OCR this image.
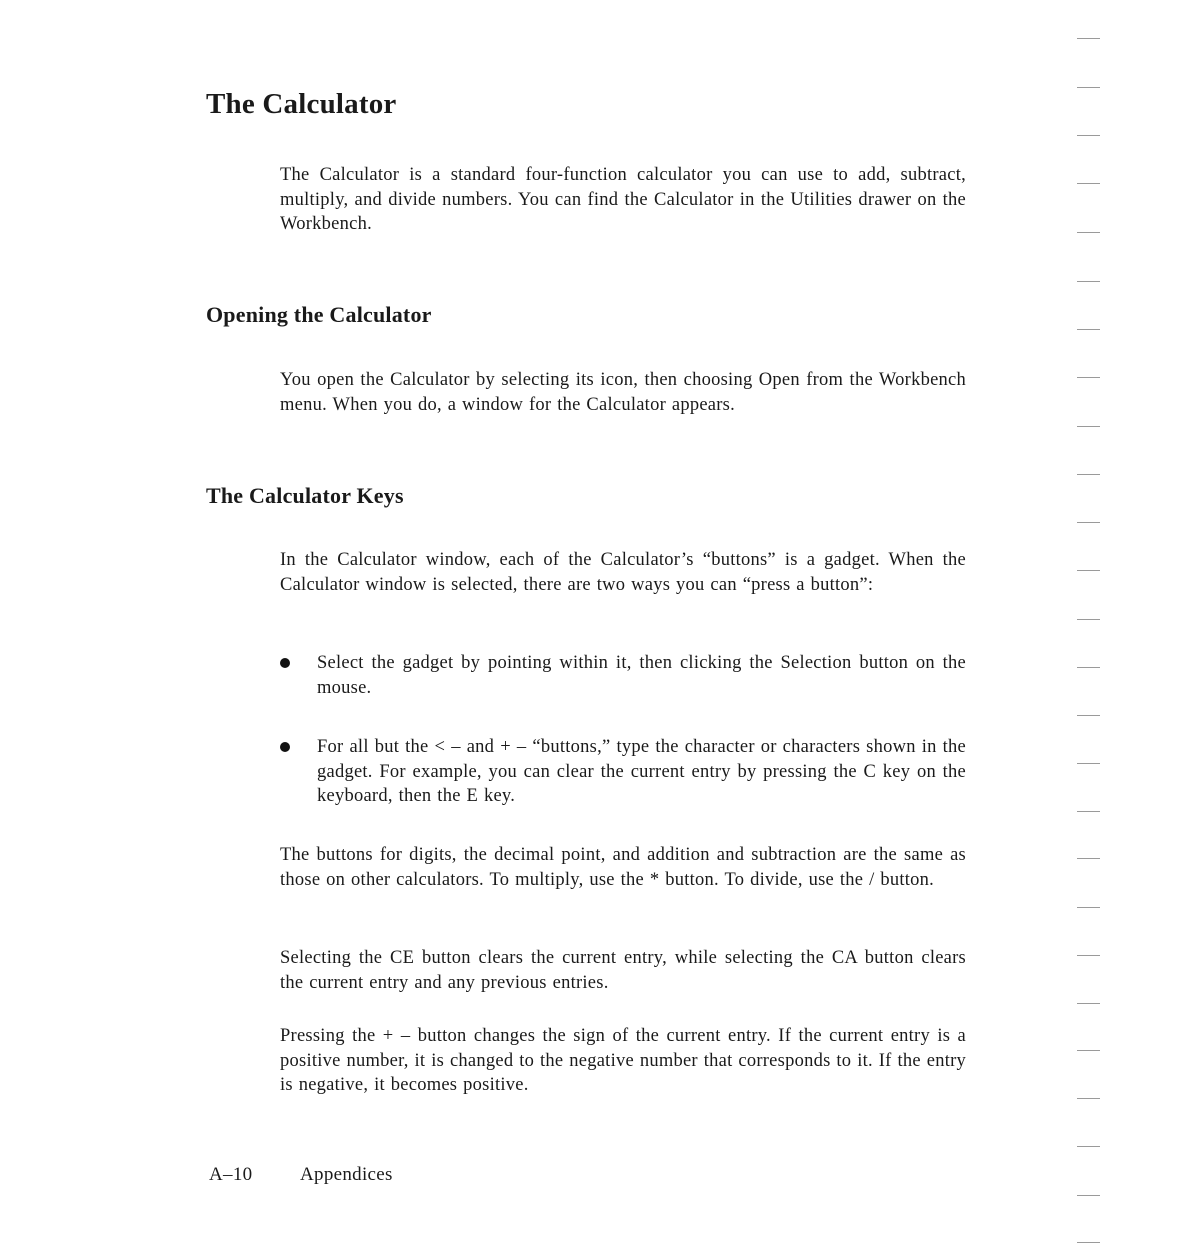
The Calculator

The Calculator is a standard four-function calculator you can use to add, subtract, multiply, and divide numbers. You can find the Calculator in the Utilities drawer on the Workbench.

Opening the Calculator

You open the Calculator by selecting its icon, then choosing Open from the Workbench menu. When you do, a window for the Calculator appears.

The Calculator Keys

In the Calculator window, each of the Calculator’s “buttons” is a gadget. When the Calculator window is selected, there are two ways you can “press a button”:

Select the gadget by pointing within it, then clicking the Selection button on the mouse.

For all but the < – and + – “buttons,” type the character or characters shown in the gadget. For example, you can clear the current entry by pressing the C key on the keyboard, then the E key.

The buttons for digits, the decimal point, and addition and subtraction are the same as those on other calculators. To multiply, use the * button. To divide, use the / button.

Selecting the CE button clears the current entry, while selecting the CA button clears the current entry and any previous entries.

Pressing the + – button changes the sign of the current entry. If the current entry is a positive number, it is changed to the negative number that corresponds to it. If the entry is negative, it becomes positive.

A–10	Appendices
